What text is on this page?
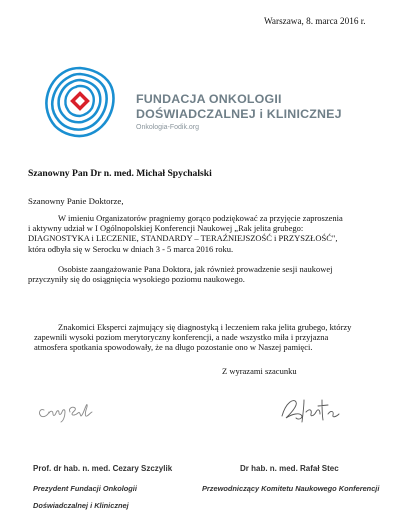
Warszawa, 8. marca 2016 r.
FUNDACJA ONKOLOGII
DOŚWIADCZALNEJ i KLINICZNEJ
Onkologia-Fodik.org
Szanowny Pan Dr n. med. Michał Spychalski
Szanowny Panie Doktorze,
W imieniu Organizatorów pragniemy gorąco podziękować za przyjęcie zaproszenia
i aktywny udział w I Ogólnopolskiej Konferencji Naukowej „Rak jelita grubego:
DIAGNOSTYKA i LECZENIE, STANDARDY – TERAŹNIEJSZOŚĆ i PRZYSZŁOŚĆ",
która odbyła się w Serocku w dniach 3 - 5 marca 2016 roku.
Osobiste zaangażowanie Pana Doktora, jak również prowadzenie sesji naukowej
przyczyniły się do osiągnięcia wysokiego poziomu naukowego.
Znakomici Eksperci zajmujący się diagnostyką i leczeniem raka jelita grubego, którzy
zapewnili wysoki poziom merytoryczny konferencji, a nade wszystko miła i przyjazna
atmosfera spotkania spowodowały, że na długo pozostanie ono w Naszej pamięci.
Z wyrazami szacunku
Prof. dr hab. n. med. Cezary Szczylik
Prezydent Fundacji Onkologii
Doświadczalnej i Klinicznej
Dr hab. n. med. Rafał Stec
Przewodniczący Komitetu Naukowego Konferencji
